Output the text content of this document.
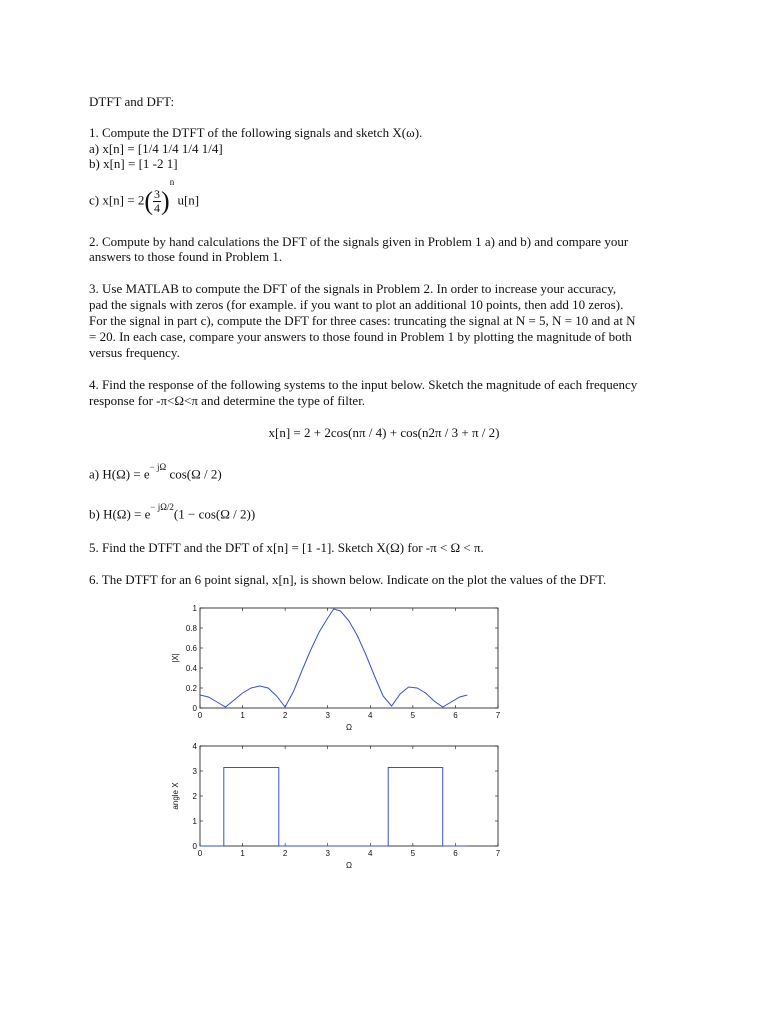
DTFT and DFT:
1. Compute the DTFT of the following signals and sketch X(ω).
a) x[n] = [1/4 1/4 1/4 1/4]
b) x[n] = [1 -2 1]
c) $x[n] = 2( \frac{3}{4} )^n$ u[n]
2. Compute by hand calculations the DFT of the signals given in Problem 1 a) and b) and compare your
answers to those found in Problem 1.
3. Use MATLAB to compute the DFT of the signals in Problem 2. In order to increase your accuracy,
pad the signals with zeros (for example. if you want to plot an additional 10 points, then add 10 zeros).
For the signal in part c), compute the DFT for three cases: truncating the signal at N = 5, N = 10 and at N
= 20. In each case, compare your answers to those found in Problem 1 by plotting the magnitude of both
versus frequency.
4. Find the response of the following systems to the input below. Sketch the magnitude of each frequency
response for -π<Ω<π and determine the type of filter.
x[n] = 2 + 2cos(nπ / 4) + cos(n2π / 3 + π / 2)
a) $H(\Omega) = e^{- j\Omega}$ cos(Ω / 2)
b) $H(\Omega) = e^{- j\Omega/2}(1 - \cos(\Omega / 2))$
5. Find the DTFT and the DFT of x[n] = [1 -1]. Sketch X(Ω) for -π < Ω < π.
6. The DTFT for an 6 point signal, x[n], is shown below. Indicate on the plot the values of the DFT.
0	1	2	3	4	5	6	7
0
0.2
0.4
0.6
0.8
1
Ω
|X|
0	1	2	3	4	5	6	7
0
1
2
3
4
Ω
angle X
